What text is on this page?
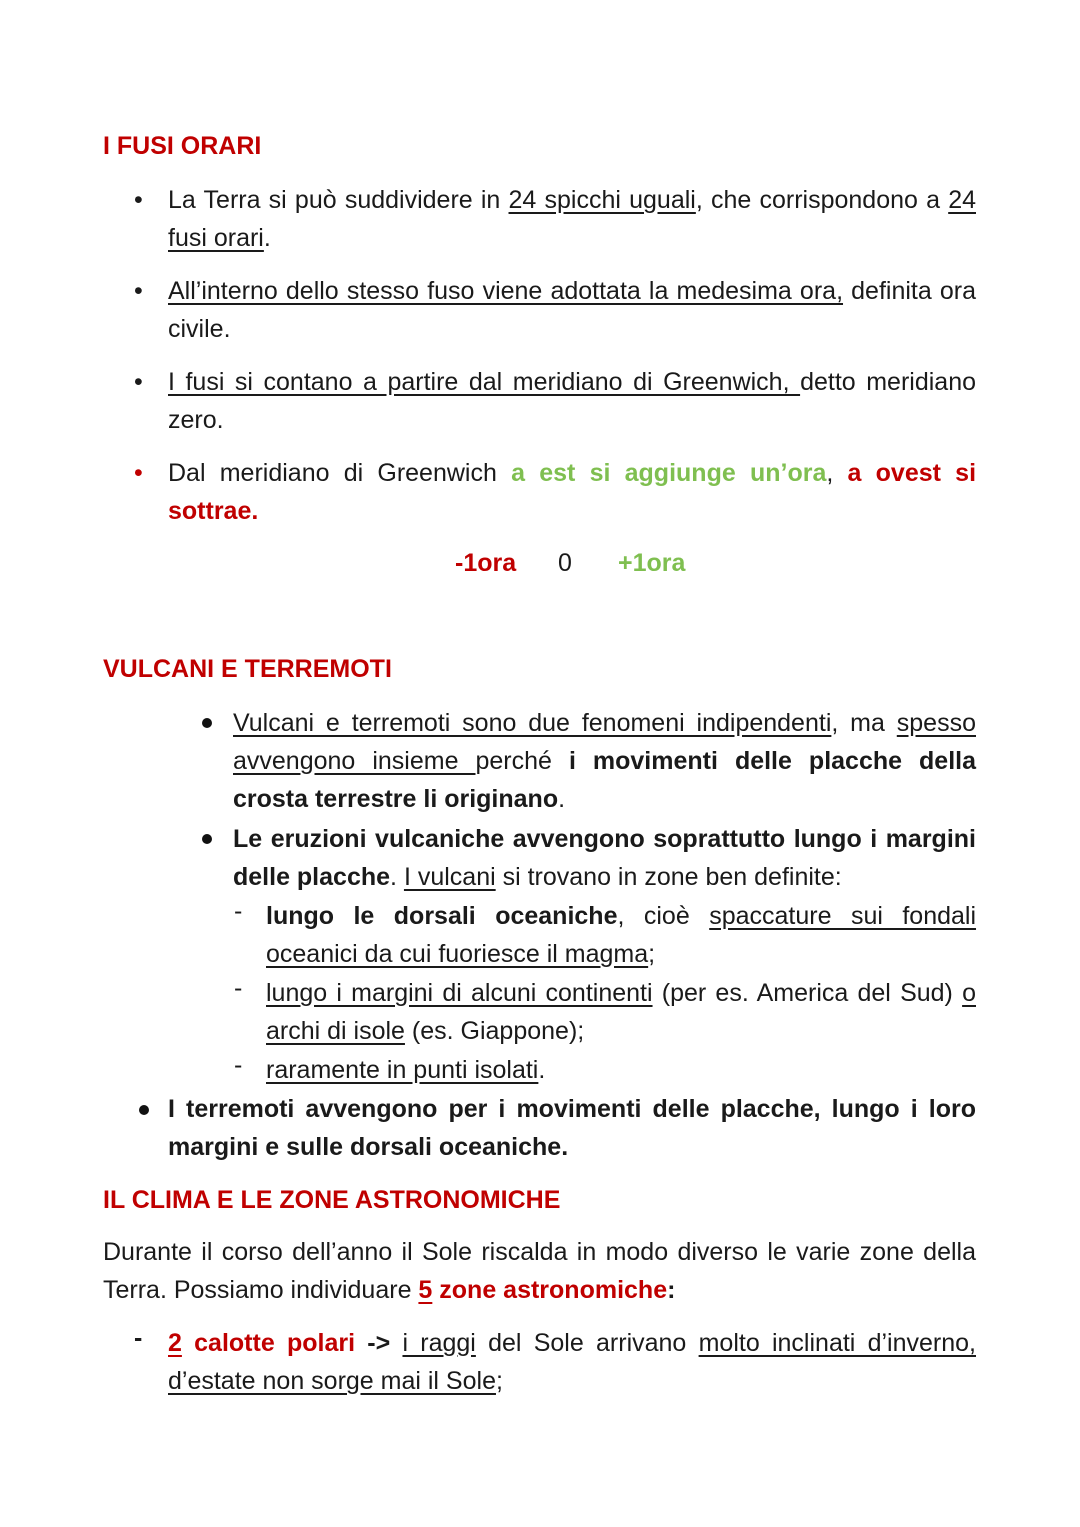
I FUSI ORARI
• La Terra si può suddividere in 24 spicchi uguali, che corrispondono a 24 fusi orari.

• All’interno dello stesso fuso viene adottata la medesima ora, definita ora civile.

• I fusi si contano a partire dal meridiano di Greenwich, detto meridiano zero.

• Dal meridiano di Greenwich a est si aggiunge un’ora, a ovest si sottrae.

-1ora 0 +1ora
VULCANI E TERREMOTI

Vulcani e terremoti sono due fenomeni indipendenti, ma spesso avvengono insieme perché i movimenti delle placche della crosta terrestre li originano.

Le eruzioni vulcaniche avvengono soprattutto lungo i margini delle placche. I vulcani si trovano in zone ben definite:

- lungo le dorsali oceaniche, cioè spaccature sui fondali oceanici da cui fuoriesce il magma;

- lungo i margini di alcuni continenti (per es. America del Sud) o archi di isole (es. Giappone);

- raramente in punti isolati.

I terremoti avvengono per i movimenti delle placche, lungo i loro margini e sulle dorsali oceaniche.

IL CLIMA E LE ZONE ASTRONOMICHE

Durante il corso dell’anno il Sole riscalda in modo diverso le varie zone della Terra. Possiamo individuare 5 zone astronomiche:

- 2 calotte polari -> i raggi del Sole arrivano molto inclinati d’inverno, d’estate non sorge mai il Sole;
